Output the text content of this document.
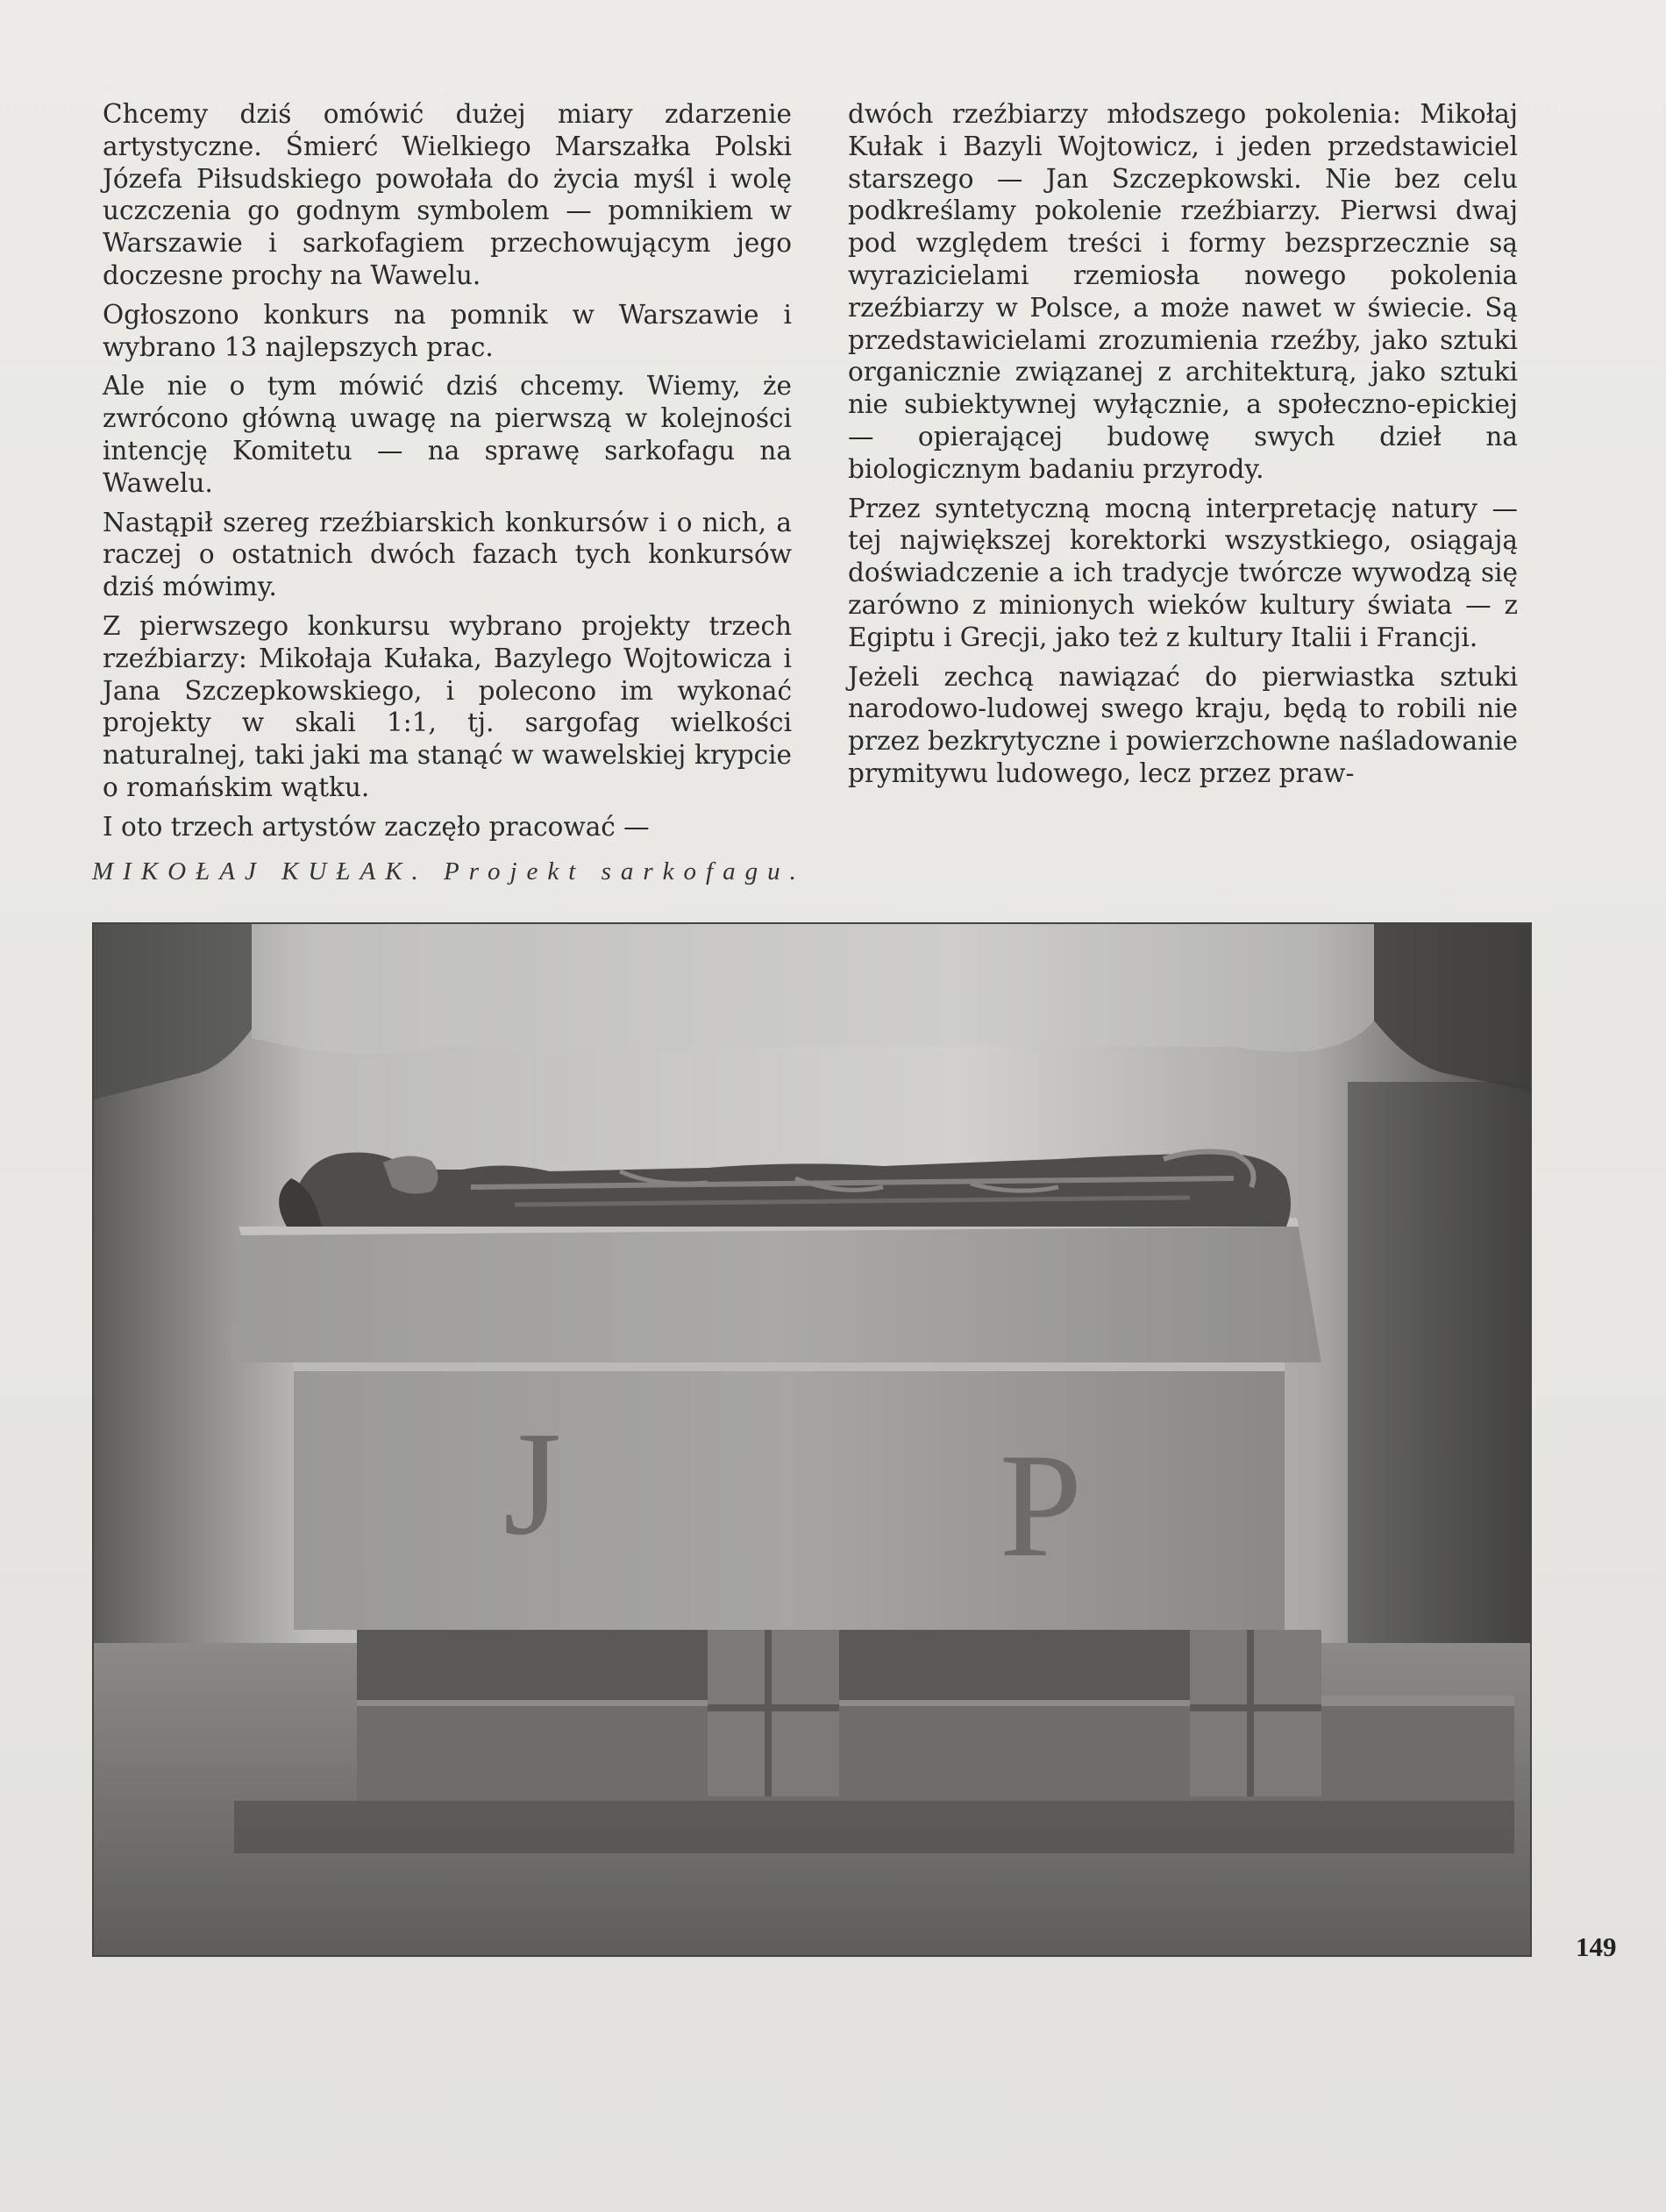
Chcemy dziś omówić dużej miary zdarzenie artystyczne. Śmierć Wielkiego Marszałka Polski Józefa Piłsudskiego powołała do życia myśl i wolę uczczenia go godnym symbolem — pomnikiem w Warszawie i sarkofagiem przechowującym jego doczesne prochy na Wawelu.

Ogłoszono konkurs na pomnik w Warszawie i wybrano 13 najlepszych prac.

Ale nie o tym mówić dziś chcemy. Wiemy, że zwrócono główną uwagę na pierwszą w kolejności intencję Komitetu — na sprawę sarkofagu na Wawelu.

Nastąpił szereg rzeźbiarskich konkursów i o nich, a raczej o ostatnich dwóch fazach tych konkursów dziś mówimy.

Z pierwszego konkursu wybrano projekty trzech rzeźbiarzy: Mikołaja Kułaka, Bazylego Wojtowicza i Jana Szczepkowskiego, i polecono im wykonać projekty w skali 1:1, tj. sargofag wielkości naturalnej, taki jaki ma stanąć w wawelskiej krypcie o romańskim wątku.

I oto trzech artystów zaczęło pracować —

dwóch rzeźbiarzy młodszego pokolenia: Mikołaj Kułak i Bazyli Wojtowicz, i jeden przedstawiciel starszego — Jan Szczepkowski. Nie bez celu podkreślamy pokolenie rzeźbiarzy. Pierwsi dwaj pod względem treści i formy bezsprzecznie są wyrazicielami rzemiosła nowego pokolenia rzeźbiarzy w Polsce, a może nawet w świecie. Są przedstawicielami zrozumienia rzeźby, jako sztuki organicznie związanej z architekturą, jako sztuki nie subiektywnej wyłącznie, a społeczno-epickiej — opierającej budowę swych dzieł na biologicznym badaniu przyrody.

Przez syntetyczną mocną interpretację natury — tej największej korektorki wszystkiego, osiągają doświadczenie a ich tradycje twórcze wywodzą się zarówno z minionych wieków kultury świata — z Egiptu i Grecji, jako też z kultury Italii i Francji.

Jeżeli zechcą nawiązać do pierwiastka sztuki narodowo-ludowej swego kraju, będą to robili nie przez bezkrytyczne i powierzchowne naśladowanie prymitywu ludowego, lecz przez praw-

MIKOŁAJ KUŁAK. Projekt sarkofagu.
J	P
149
